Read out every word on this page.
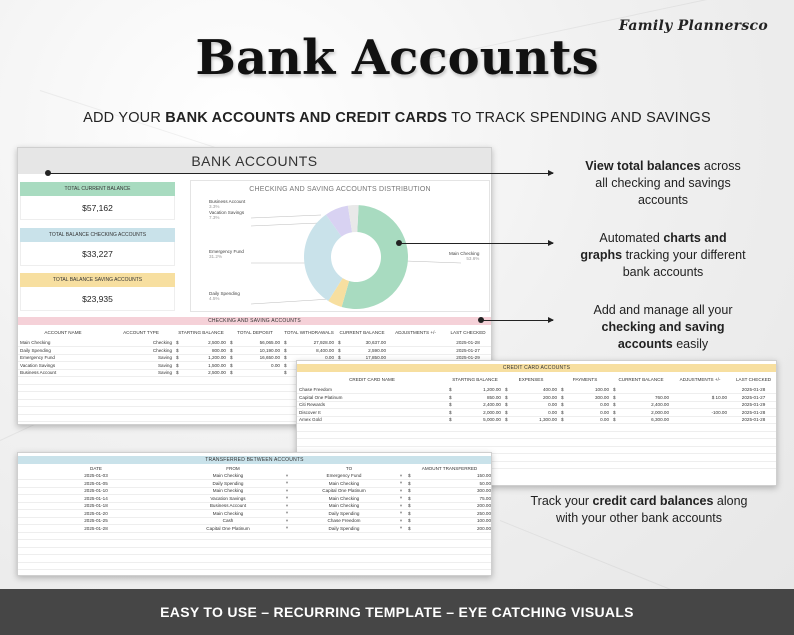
Family Plannersco
Bank Accounts
ADD YOUR BANK ACCOUNTS AND CREDIT CARDS TO TRACK SPENDING AND SAVINGS
BANK ACCOUNTS
TOTAL CURRENT BALANCE
$57,162
TOTAL BALANCE CHECKING ACCOUNTS
$33,227
TOTAL BALANCE SAVING ACCOUNTS
$23,935
CHECKING AND SAVING ACCOUNTS DISTRIBUTION
Business Account
3.3%
Vacation Savings
7.3%
Emergency Fund
31.2%
Daily Spending
4.5%
Main Checking
53.6%
CHECKING AND SAVING ACCOUNTS
ACCOUNT NAME	ACCOUNT TYPE	STARTING BALANCE		TOTAL DEPOSIT		TOTAL WITHDRAWALS		CURRENT BALANCE		ADJUSTMENTS +/-	LAST CHECKED
Main Checking	Checking	$	2,500.00	$	56,065.00	$	27,928.00	$	30,637.00		2025-01-28
Daily Spending	Checking	$	800.00	$	10,190.00	$	8,400.00	$	2,590.00		2025-01-27
Emergency Fund	Saving	$	1,200.00	$	16,650.00	$	0.00	$	17,850.00		2025-01-29
Vacation Savings	Saving	$	1,500.00	$	0.00	$					
Business Account	Saving	$	2,500.00	$		$					

CREDIT CARD ACCOUNTS
CREDIT CARD NAME	STARTING BALANCE		EXPENSES		PAYMENTS		CURRENT BALANCE		ADJUSTMENTS +/-	LAST CHECKED
Chase Freedom	$	1,200.00	$	400.00	$	100.00	$			2025-01-28
Capital One Platinum	$	850.00	$	200.00	$	300.00	$	760.00	$ 10.00	2025-01-27
Citi Rewards	$	2,400.00	$	0.00	$	0.00	$	2,400.00		2025-01-29
Discover It	$	2,000.00	$	0.00	$	0.00	$	2,000.00	-100.00	2025-01-28
Amex Gold	$	5,000.00	$	1,300.00	$	0.00	$	6,300.00		2025-01-28

TRANSFERRED BETWEEN ACCOUNTS
DATE	FROM		TO		AMOUNT TRANSFERRED	
2025-01-03	Main Checking	▾	Emergency Fund	▾	$	150.00
2025-01-05	Daily Spending	▾	Main Checking	▾	$	50.00
2025-01-10	Main Checking	▾	Capital One Platinum	▾	$	300.00
2025-01-14	Vacation Savings	▾	Main Checking	▾	$	75.00
2025-01-18	Business Account	▾	Main Checking	▾	$	200.00
2025-01-20	Main Checking	▾	Daily Spending	▾	$	250.00
2025-01-25	Cash	▾	Chase Freedom	▾	$	100.00
2025-01-28	Capital One Platinum	▾	Daily Spending	▾	$	200.00

View total balances across
all checking and savings
accounts
Automated charts and
graphs tracking your different
bank accounts
Add and manage all your
checking and saving
accounts easily
Track your credit card balances along
with your other bank accounts
EASY TO USE – RECURRING TEMPLATE – EYE CATCHING VISUALS
